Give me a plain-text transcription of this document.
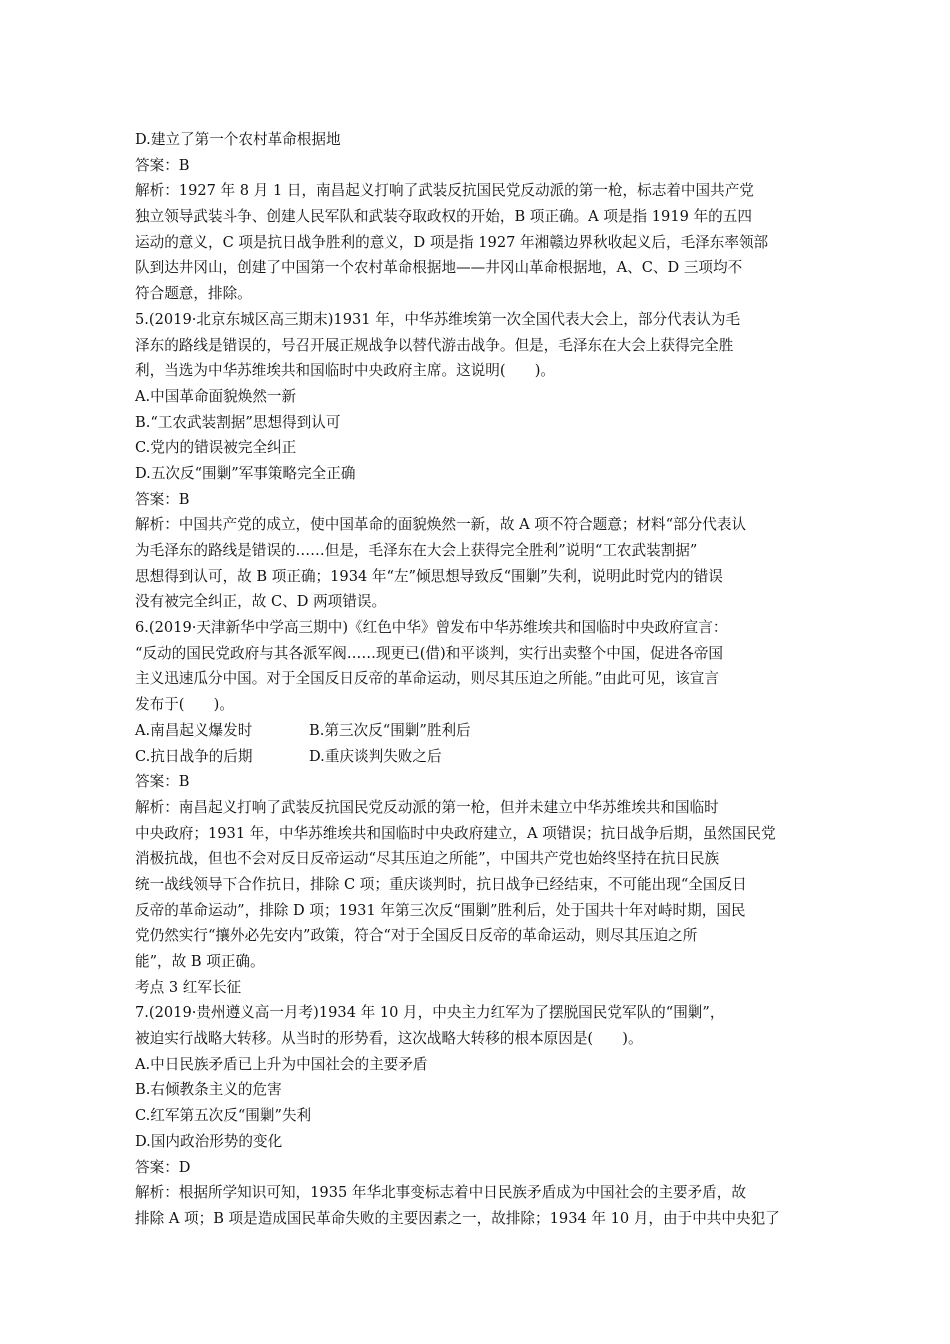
D.建立了第一个农村革命根据地
答案：B
解析：1927 年 8 月 1 日，南昌起义打响了武装反抗国民党反动派的第一枪，标志着中国共产党
独立领导武装斗争、创建人民军队和武装夺取政权的开始，B 项正确。A 项是指 1919 年的五四
运动的意义，C 项是抗日战争胜利的意义，D 项是指 1927 年湘赣边界秋收起义后，毛泽东率领部
队到达井冈山，创建了中国第一个农村革命根据地——井冈山革命根据地，A、C、D 三项均不
符合题意，排除。
5.(2019·北京东城区高三期末)1931 年，中华苏维埃第一次全国代表大会上，部分代表认为毛
泽东的路线是错误的，号召开展正规战争以替代游击战争。但是，毛泽东在大会上获得完全胜
利，当选为中华苏维埃共和国临时中央政府主席。这说明(　　)。
A.中国革命面貌焕然一新
B.“工农武装割据”思想得到认可
C.党内的错误被完全纠正
D.五次反“围剿”军事策略完全正确
答案：B
解析：中国共产党的成立，使中国革命的面貌焕然一新，故 A 项不符合题意；材料“部分代表认
为毛泽东的路线是错误的……但是，毛泽东在大会上获得完全胜利”说明“工农武装割据”
思想得到认可，故 B 项正确；1934 年“左”倾思想导致反“围剿”失利，说明此时党内的错误
没有被完全纠正，故 C、D 两项错误。
6.(2019·天津新华中学高三期中)《红色中华》曾发布中华苏维埃共和国临时中央政府宣言：
“反动的国民党政府与其各派军阀……现更已(借)和平谈判，实行出卖整个中国，促进各帝国
主义迅速瓜分中国。对于全国反日反帝的革命运动，则尽其压迫之所能。”由此可见，该宣言
发布于(　　)。
A.南昌起义爆发时	B.第三次反“围剿”胜利后
C.抗日战争的后期	D.重庆谈判失败之后
答案：B
解析：南昌起义打响了武装反抗国民党反动派的第一枪，但并未建立中华苏维埃共和国临时
中央政府；1931 年，中华苏维埃共和国临时中央政府建立，A 项错误；抗日战争后期，虽然国民党
消极抗战，但也不会对反日反帝运动“尽其压迫之所能”，中国共产党也始终坚持在抗日民族
统一战线领导下合作抗日，排除 C 项；重庆谈判时，抗日战争已经结束，不可能出现“全国反日
反帝的革命运动”，排除 D 项；1931 年第三次反“围剿”胜利后，处于国共十年对峙时期，国民
党仍然实行“攘外必先安内”政策，符合“对于全国反日反帝的革命运动，则尽其压迫之所
能”，故 B 项正确。
考点 3 红军长征
7.(2019·贵州遵义高一月考)1934 年 10 月，中央主力红军为了摆脱国民党军队的“围剿”，
被迫实行战略大转移。从当时的形势看，这次战略大转移的根本原因是(　　)。
A.中日民族矛盾已上升为中国社会的主要矛盾
B.右倾教条主义的危害
C.红军第五次反“围剿”失利
D.国内政治形势的变化
答案：D
解析：根据所学知识可知，1935 年华北事变标志着中日民族矛盾成为中国社会的主要矛盾，故
排除 A 项；B 项是造成国民革命失败的主要因素之一，故排除；1934 年 10 月，由于中共中央犯了
